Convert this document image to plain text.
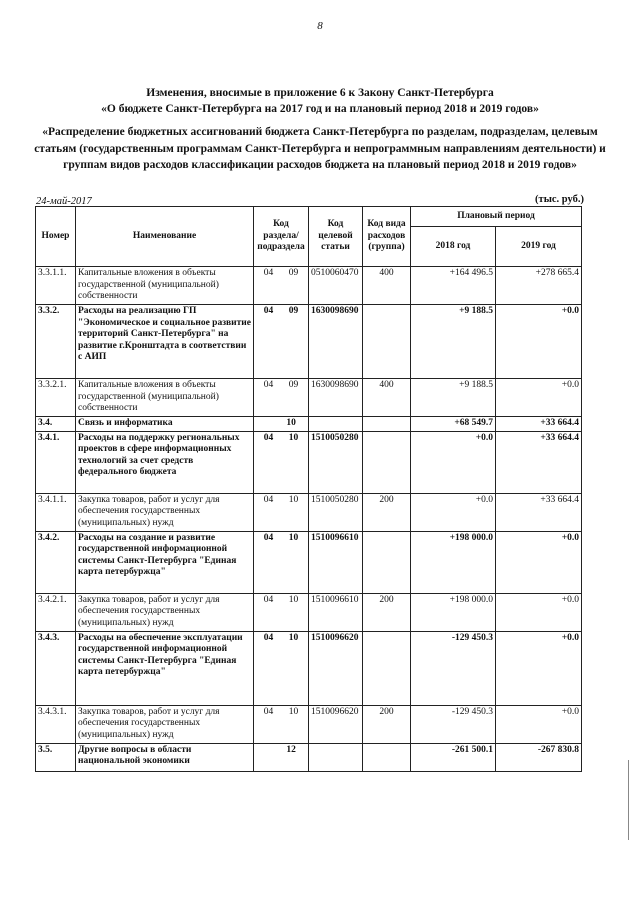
8
Изменения, вносимые в приложение 6 к Закону Санкт-Петербурга
«О бюджете Санкт-Петербурга на 2017 год и на плановый период 2018 и 2019 годов»
«Распределение бюджетных ассигнований бюджета Санкт-Петербурга по разделам, подразделам, целевым статьям (государственным программам Санкт-Петербурга и непрограммным направлениям деятельности) и группам видов расходов классификации расходов бюджета на плановый период 2018 и 2019 годов»
24-май-2017	(тыс. руб.)
Номер	Наименование	Код раздела/ подраздела	Код целевой статьи	Код вида расходов (группа)	Плановый период	
					2018 год	2019 год
3.3.1.1.	Капитальные вложения в объекты государственной (муниципальной) собственности	04 09	0510060470	400	+164 496.5	+278 665.4
3.3.2.	Расходы на реализацию ГП "Экономическое и социальное развитие территорий Санкт-Петербурга" на развитие г.Кронштадта в соответствии с АИП	04 09	1630098690		+9 188.5	+0.0
3.3.2.1.	Капитальные вложения в объекты государственной (муниципальной) собственности	04 09	1630098690	400	+9 188.5	+0.0
3.4.	Связь и информатика	10			+68 549.7	+33 664.4
3.4.1.	Расходы на поддержку региональных проектов в сфере информационных технологий за счет средств федерального бюджета	04 10	1510050280		+0.0	+33 664.4
3.4.1.1.	Закупка товаров, работ и услуг для обеспечения государственных (муниципальных) нужд	04 10	1510050280	200	+0.0	+33 664.4
3.4.2.	Расходы на создание и развитие государственной информационной системы Санкт-Петербурга "Единая карта петербуржца"	04 10	1510096610		+198 000.0	+0.0
3.4.2.1.	Закупка товаров, работ и услуг для обеспечения государственных (муниципальных) нужд	04 10	1510096610	200	+198 000.0	+0.0
3.4.3.	Расходы на обеспечение эксплуатации государственной информационной системы Санкт-Петербурга "Единая карта петербуржца"	04 10	1510096620		-129 450.3	+0.0
3.4.3.1.	Закупка товаров, работ и услуг для обеспечения государственных (муниципальных) нужд	04 10	1510096620	200	-129 450.3	+0.0
3.5.	Другие вопросы в области национальной экономики	12			-261 500.1	-267 830.8
